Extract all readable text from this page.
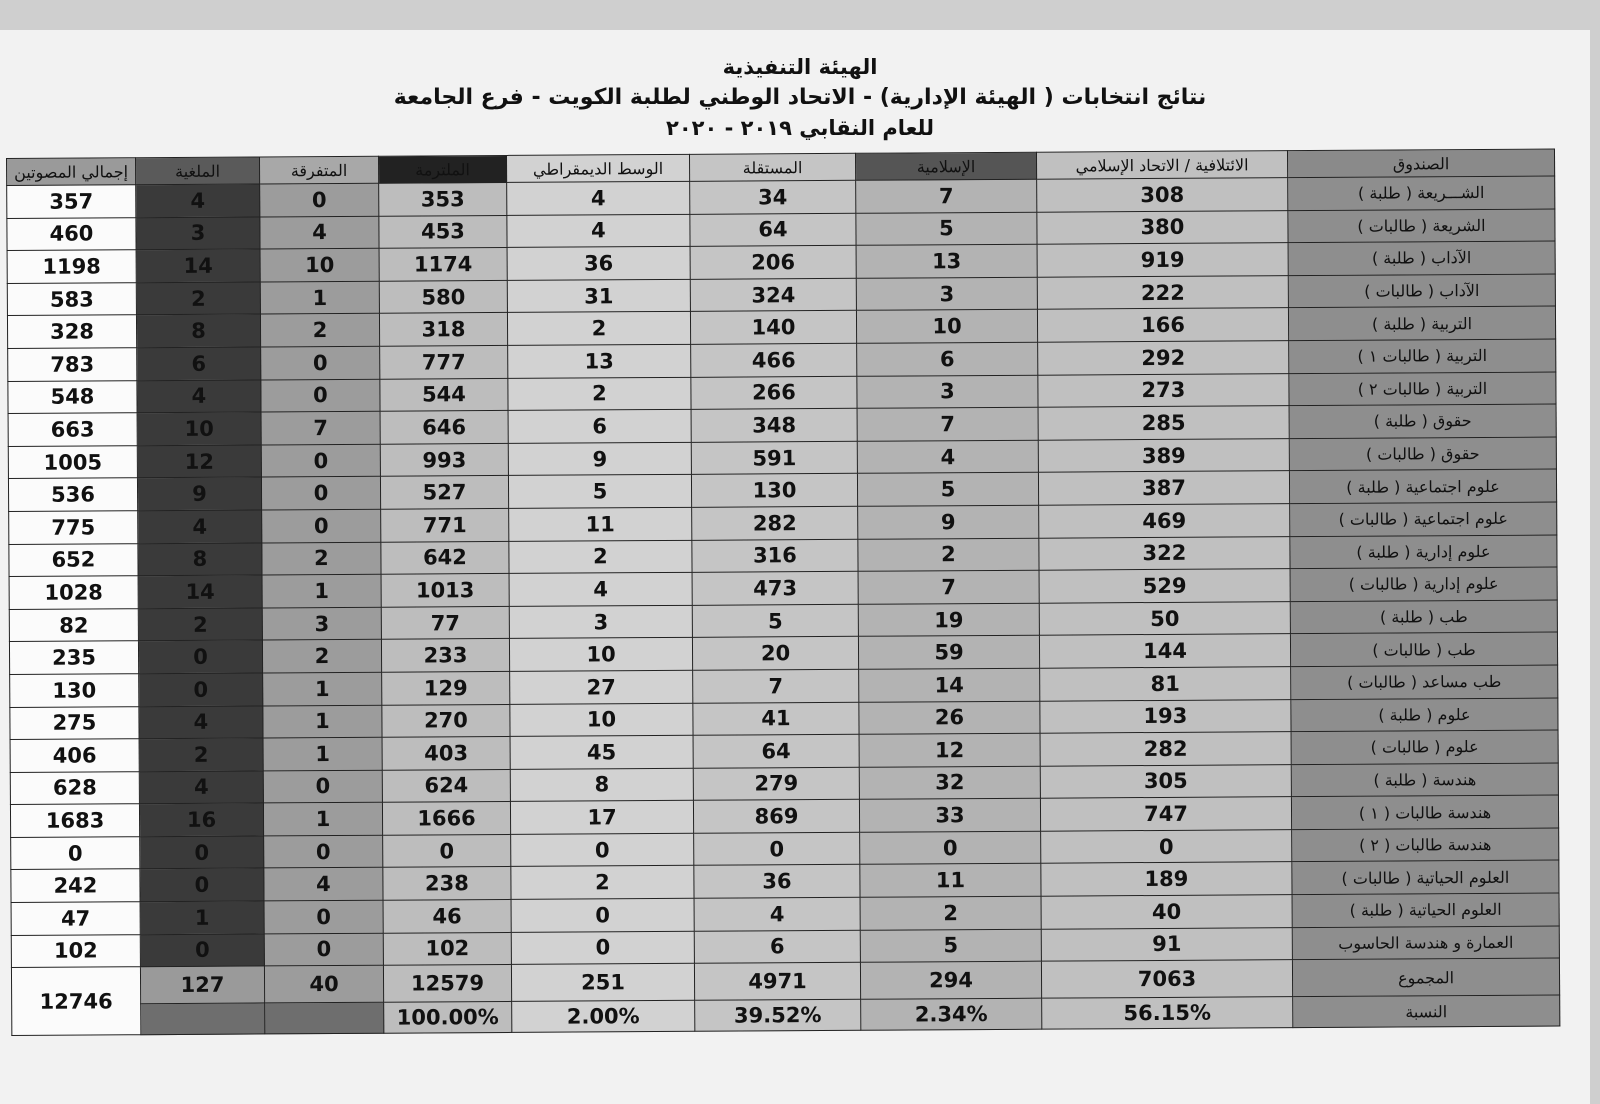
الهيئة التنفيذية
نتائج انتخابات ( الهيئة الإدارية) - الاتحاد الوطني لطلبة الكويت - فرع الجامعة
للعام النقابي ٢٠١٩ - ٢٠٢٠
إجمالي المصوتين	الملغية	المتفرقة	الملترمة	الوسط الديمقراطي	المستقلة	الإسلامية	الائتلافية / الاتحاد الإسلامي	الصندوق
357	4	0	353	4	34	7	308	الشـــريعة ( طلبة )
460	3	4	453	4	64	5	380	الشريعة ( طالبات )
1198	14	10	1174	36	206	13	919	الآداب ( طلبة )
583	2	1	580	31	324	3	222	الآداب ( طالبات )
328	8	2	318	2	140	10	166	التربية ( طلبة )
783	6	0	777	13	466	6	292	التربية ( طالبات ١ )
548	4	0	544	2	266	3	273	التربية ( طالبات ٢ )
663	10	7	646	6	348	7	285	حقوق ( طلبة )
1005	12	0	993	9	591	4	389	حقوق ( طالبات )
536	9	0	527	5	130	5	387	علوم اجتماعية ( طلبة )
775	4	0	771	11	282	9	469	علوم اجتماعية ( طالبات )
652	8	2	642	2	316	2	322	علوم إدارية ( طلبة )
1028	14	1	1013	4	473	7	529	علوم إدارية ( طالبات )
82	2	3	77	3	5	19	50	طب ( طلبة )
235	0	2	233	10	20	59	144	طب ( طالبات )
130	0	1	129	27	7	14	81	طب مساعد ( طالبات )
275	4	1	270	10	41	26	193	علوم ( طلبة )
406	2	1	403	45	64	12	282	علوم ( طالبات )
628	4	0	624	8	279	32	305	هندسة ( طلبة )
1683	16	1	1666	17	869	33	747	هندسة طالبات ( ١ )
0	0	0	0	0	0	0	0	هندسة طالبات ( ٢ )
242	0	4	238	2	36	11	189	العلوم الحياتية ( طالبات )
47	1	0	46	0	4	2	40	العلوم الحياتية ( طلبة )
102	0	0	102	0	6	5	91	العمارة و هندسة الحاسوب
12746	127	40	12579	251	4971	294	7063	المجموع
			100.00%	2.00%	39.52%	2.34%	56.15%	النسبة
